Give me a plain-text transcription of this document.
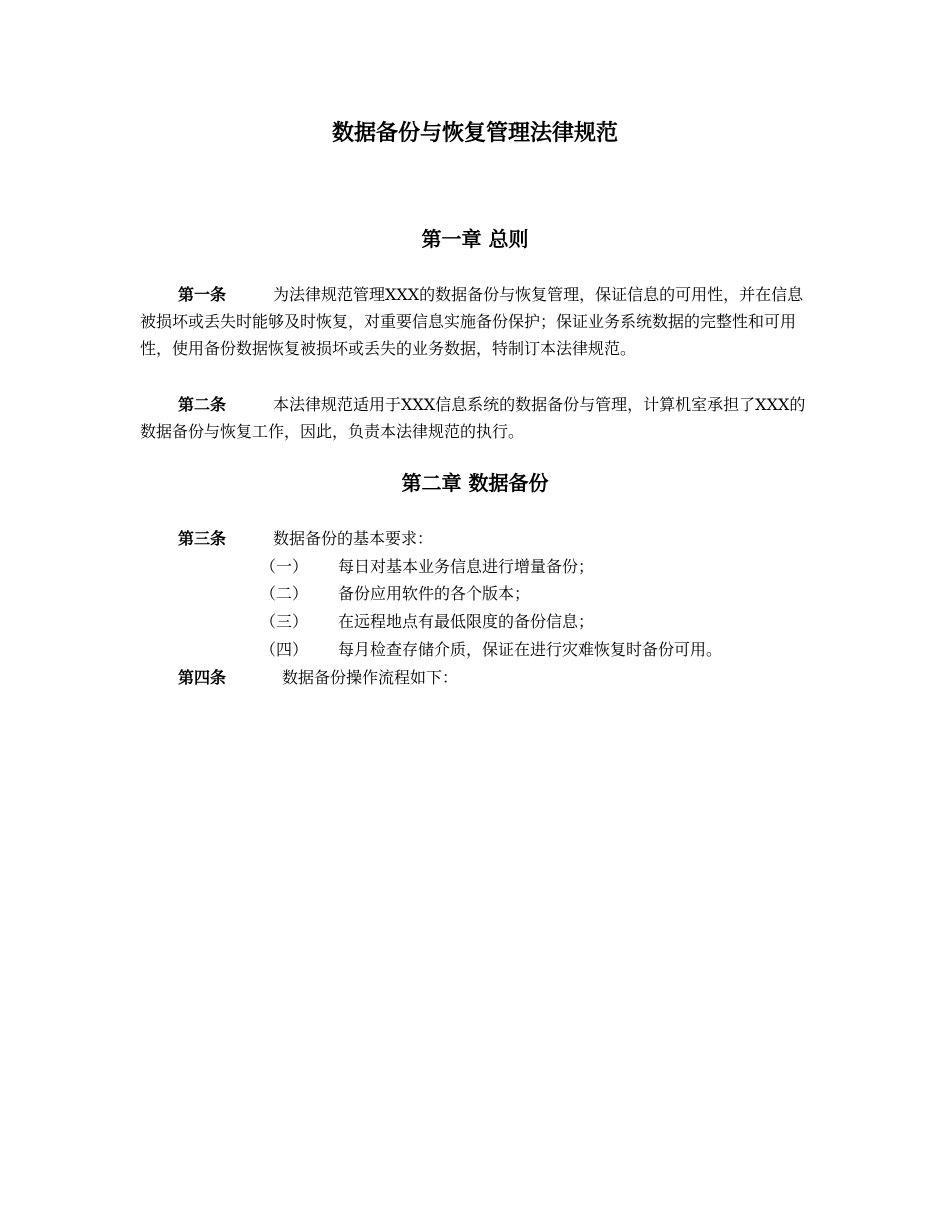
数据备份与恢复管理法律规范
第一章 总则
第一条	为法律规范管理XXX的数据备份与恢复管理，保证信息的可用性，并在信息被损坏或丢失时能够及时恢复，对重要信息实施备份保护；保证业务系统数据的完整性和可用性，使用备份数据恢复被损坏或丢失的业务数据，特制订本法律规范。
第二条	本法律规范适用于XXX信息系统的数据备份与管理，计算机室承担了XXX的数据备份与恢复工作，因此，负责本法律规范的执行。
第二章 数据备份
第三条	数据备份的基本要求：
（一） 每日对基本业务信息进行增量备份；
（二） 备份应用软件的各个版本；
（三） 在远程地点有最低限度的备份信息；
（四） 每月检查存储介质，保证在进行灾难恢复时备份可用。
第四条	数据备份操作流程如下：
